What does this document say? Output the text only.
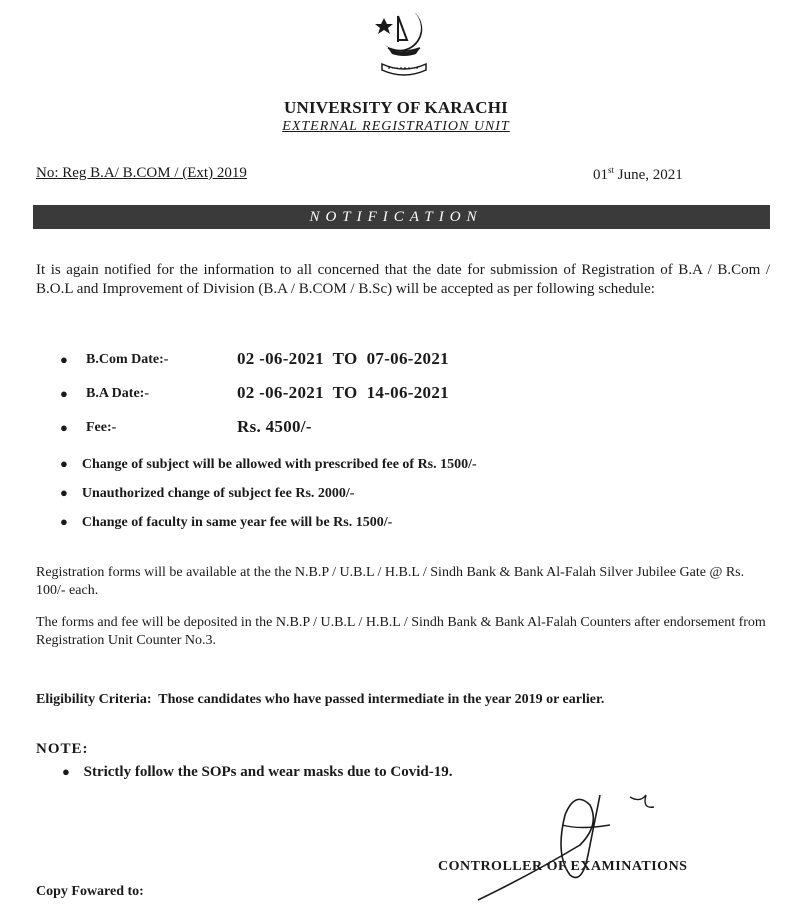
UNIVERSITY OF KARACHI
EXTERNAL REGISTRATION UNIT
No: Reg B.A/ B.COM / (Ext) 2019	01st June, 2021
NOTIFICATION
It is again notified for the information to all concerned that the date for submission of Registration of B.A / B.Com / B.O.L and Improvement of Division (B.A / B.COM / B.Sc) will be accepted as per following schedule:
● B.Com Date:-	02 -06-2021  TO  07-06-2021
● B.A Date:-	02 -06-2021  TO  14-06-2021
● Fee:-	Rs. 4500/-
● Change of subject will be allowed with prescribed fee of Rs. 1500/-
● Unauthorized change of subject fee Rs. 2000/-
● Change of faculty in same year fee will be Rs. 1500/-
Registration forms will be available at the the N.B.P / U.B.L / H.B.L / Sindh Bank & Bank Al-Falah Silver Jubilee Gate @ Rs. 100/- each.
The forms and fee will be deposited in the N.B.P / U.B.L / H.B.L / Sindh Bank & Bank Al-Falah Counters after endorsement from Registration Unit Counter No.3.
Eligibility Criteria: Those candidates who have passed intermediate in the year 2019 or earlier.
NOTE:
● Strictly follow the SOPs and wear masks due to Covid-19.
CONTROLLER OF EXAMINATIONS
Copy Fowared to:
